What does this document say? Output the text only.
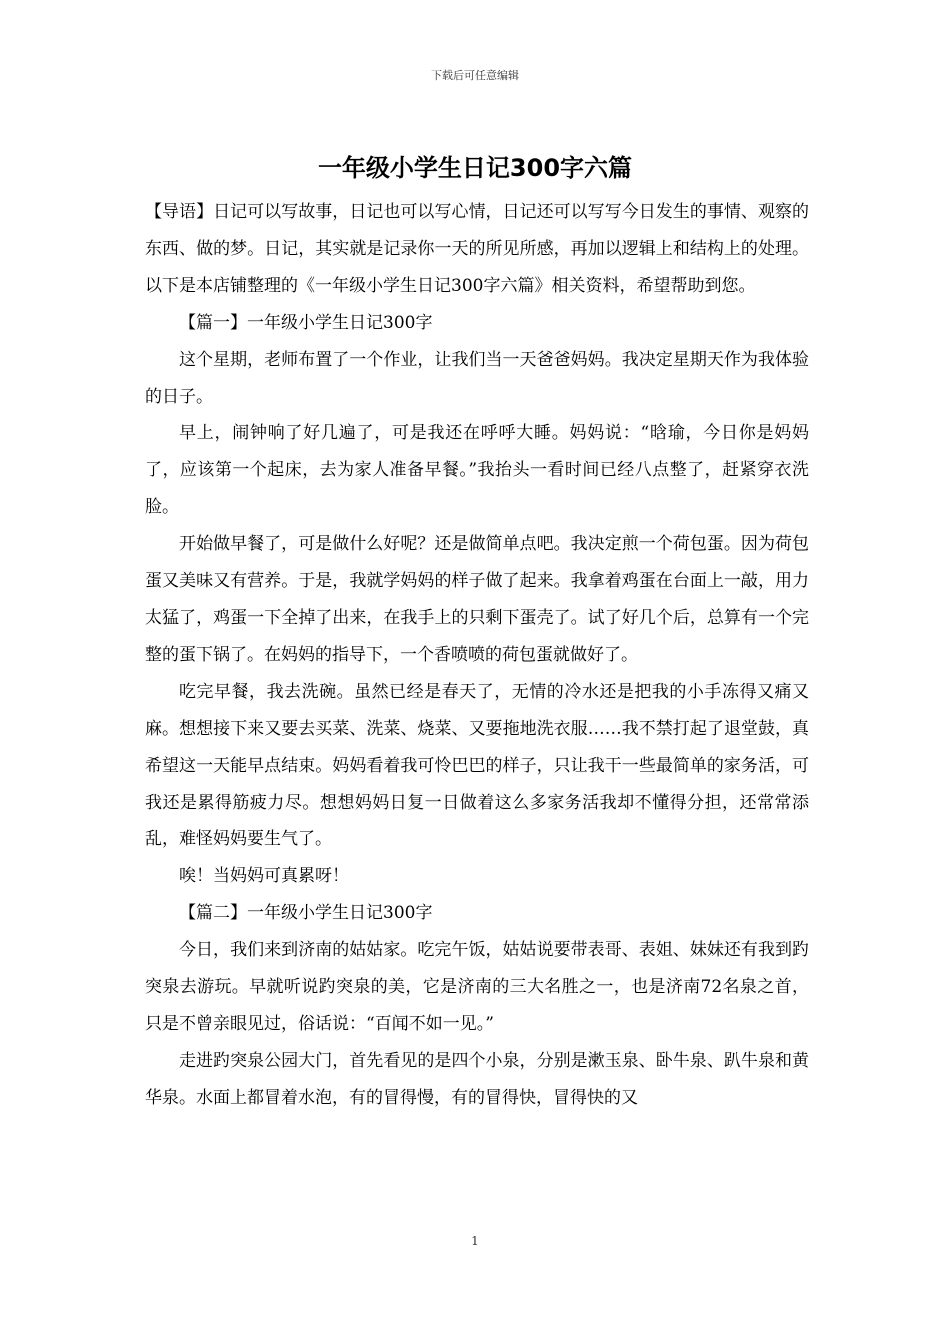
下载后可任意编辑
一年级小学生日记300字六篇

【导语】日记可以写故事，日记也可以写心情，日记还可以写写今日发生的事情、观察的东西、做的梦。日记，其实就是记录你一天的所见所感，再加以逻辑上和结构上的处理。以下是本店铺整理的《一年级小学生日记300字六篇》相关资料，希望帮助到您。

【篇一】一年级小学生日记300字

这个星期，老师布置了一个作业，让我们当一天爸爸妈妈。我决定星期天作为我体验的日子。

早上，闹钟响了好几遍了，可是我还在呼呼大睡。妈妈说：“晗瑜，今日你是妈妈了，应该第一个起床，去为家人准备早餐。”我抬头一看时间已经八点整了，赶紧穿衣洗脸。

开始做早餐了，可是做什么好呢？还是做简单点吧。我决定煎一个荷包蛋。因为荷包蛋又美味又有营养。于是，我就学妈妈的样子做了起来。我拿着鸡蛋在台面上一敲，用力太猛了，鸡蛋一下全掉了出来，在我手上的只剩下蛋壳了。试了好几个后，总算有一个完整的蛋下锅了。在妈妈的指导下，一个香喷喷的荷包蛋就做好了。

吃完早餐，我去洗碗。虽然已经是春天了，无情的冷水还是把我的小手冻得又痛又麻。想想接下来又要去买菜、洗菜、烧菜、又要拖地洗衣服……我不禁打起了退堂鼓，真希望这一天能早点结束。妈妈看着我可怜巴巴的样子，只让我干一些最简单的家务活，可我还是累得筋疲力尽。想想妈妈日复一日做着这么多家务活我却不懂得分担，还常常添乱，难怪妈妈要生气了。

唉！当妈妈可真累呀！

【篇二】一年级小学生日记300字

今日，我们来到济南的姑姑家。吃完午饭，姑姑说要带表哥、表姐、妹妹还有我到趵突泉去游玩。早就听说趵突泉的美，它是济南的三大名胜之一，也是济南72名泉之首，只是不曾亲眼见过，俗话说：“百闻不如一见。”

走进趵突泉公园大门，首先看见的是四个小泉，分别是漱玉泉、卧牛泉、趴牛泉和黄华泉。水面上都冒着水泡，有的冒得慢，有的冒得快，冒得快的又

1
